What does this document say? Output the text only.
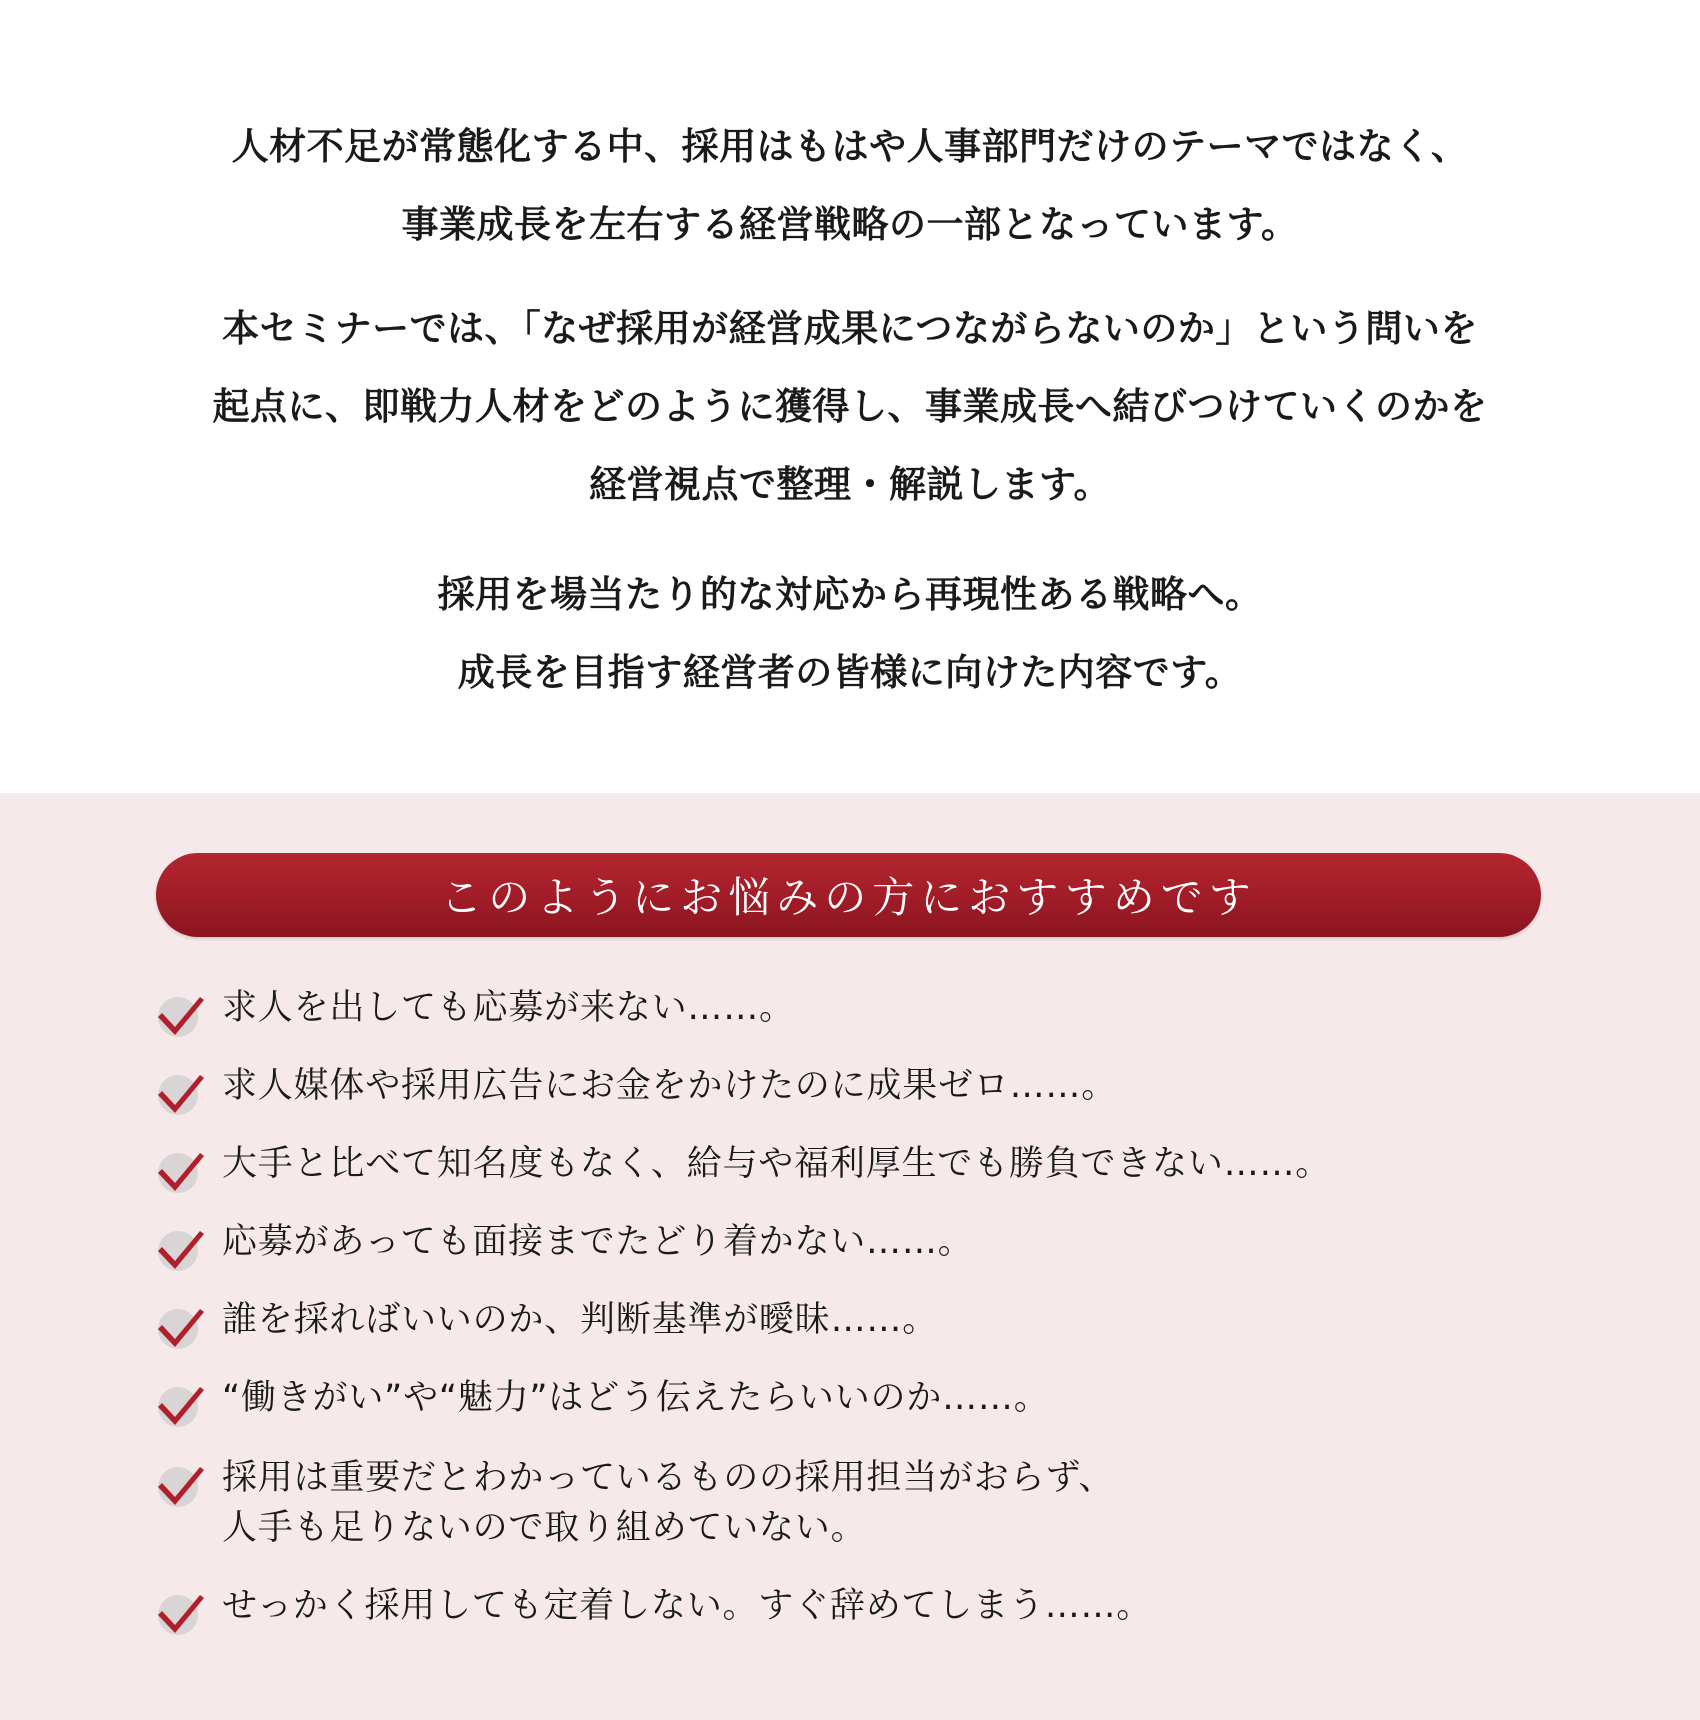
人材不足が常態化する中、採用はもはや人事部門だけのテーマではなく、
事業成長を左右する経営戦略の一部となっています。

本セミナーでは、「なぜ採用が経営成果につながらないのか」という問いを
起点に、即戦力人材をどのように獲得し、事業成長へ結びつけていくのかを
経営視点で整理・解説します。

採用を場当たり的な対応から再現性ある戦略へ。
成長を目指す経営者の皆様に向けた内容です。

このようにお悩みの方におすすめです
求人を出しても応募が来ない……。
求人媒体や採用広告にお金をかけたのに成果ゼロ……。
大手と比べて知名度もなく、給与や福利厚生でも勝負できない……。
応募があっても面接までたどり着かない……。
誰を採ればいいのか、判断基準が曖昧……。
“働きがい”や“魅力”はどう伝えたらいいのか……。
採用は重要だとわかっているものの採用担当がおらず、
人手も足りないので取り組めていない。
せっかく採用しても定着しない。すぐ辞めてしまう……。
